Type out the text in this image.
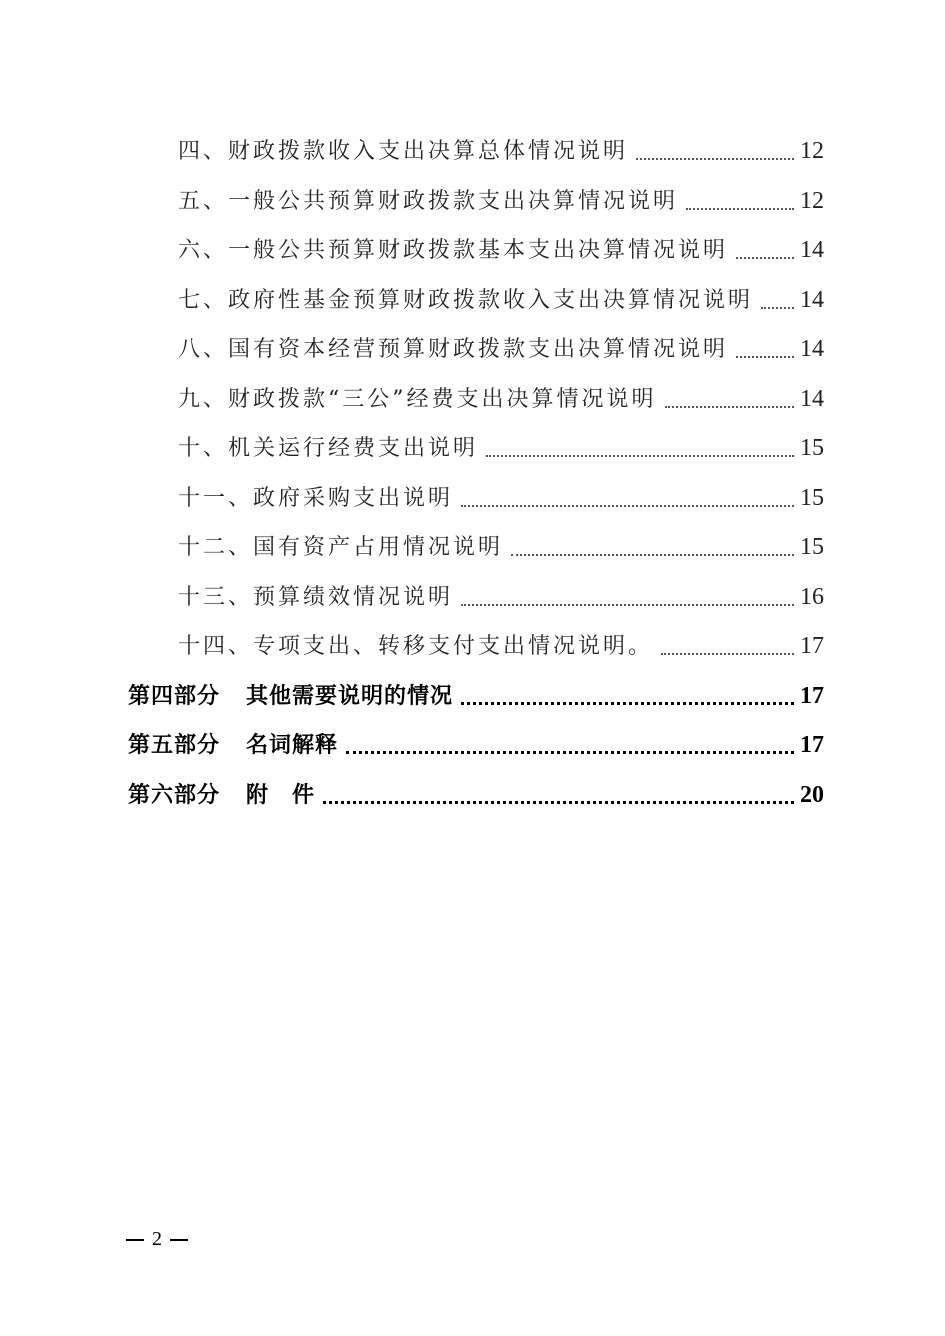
四、财政拨款收入支出决算总体情况说明	12
五、一般公共预算财政拨款支出决算情况说明	12
六、一般公共预算财政拨款基本支出决算情况说明	14
七、政府性基金预算财政拨款收入支出决算情况说明 14
八、国有资本经营预算财政拨款支出决算情况说明	14
九、财政拨款“三公”经费支出决算情况说明	14
十、机关运行经费支出说明	15
十一、政府采购支出说明	15
十二、国有资产占用情况说明	15
十三、预算绩效情况说明	16
十四、专项支出、转移支付支出情况说明。	17
第四部分 其他需要说明的情况	17
第五部分 名词解释	17
第六部分 附　件	20
2
